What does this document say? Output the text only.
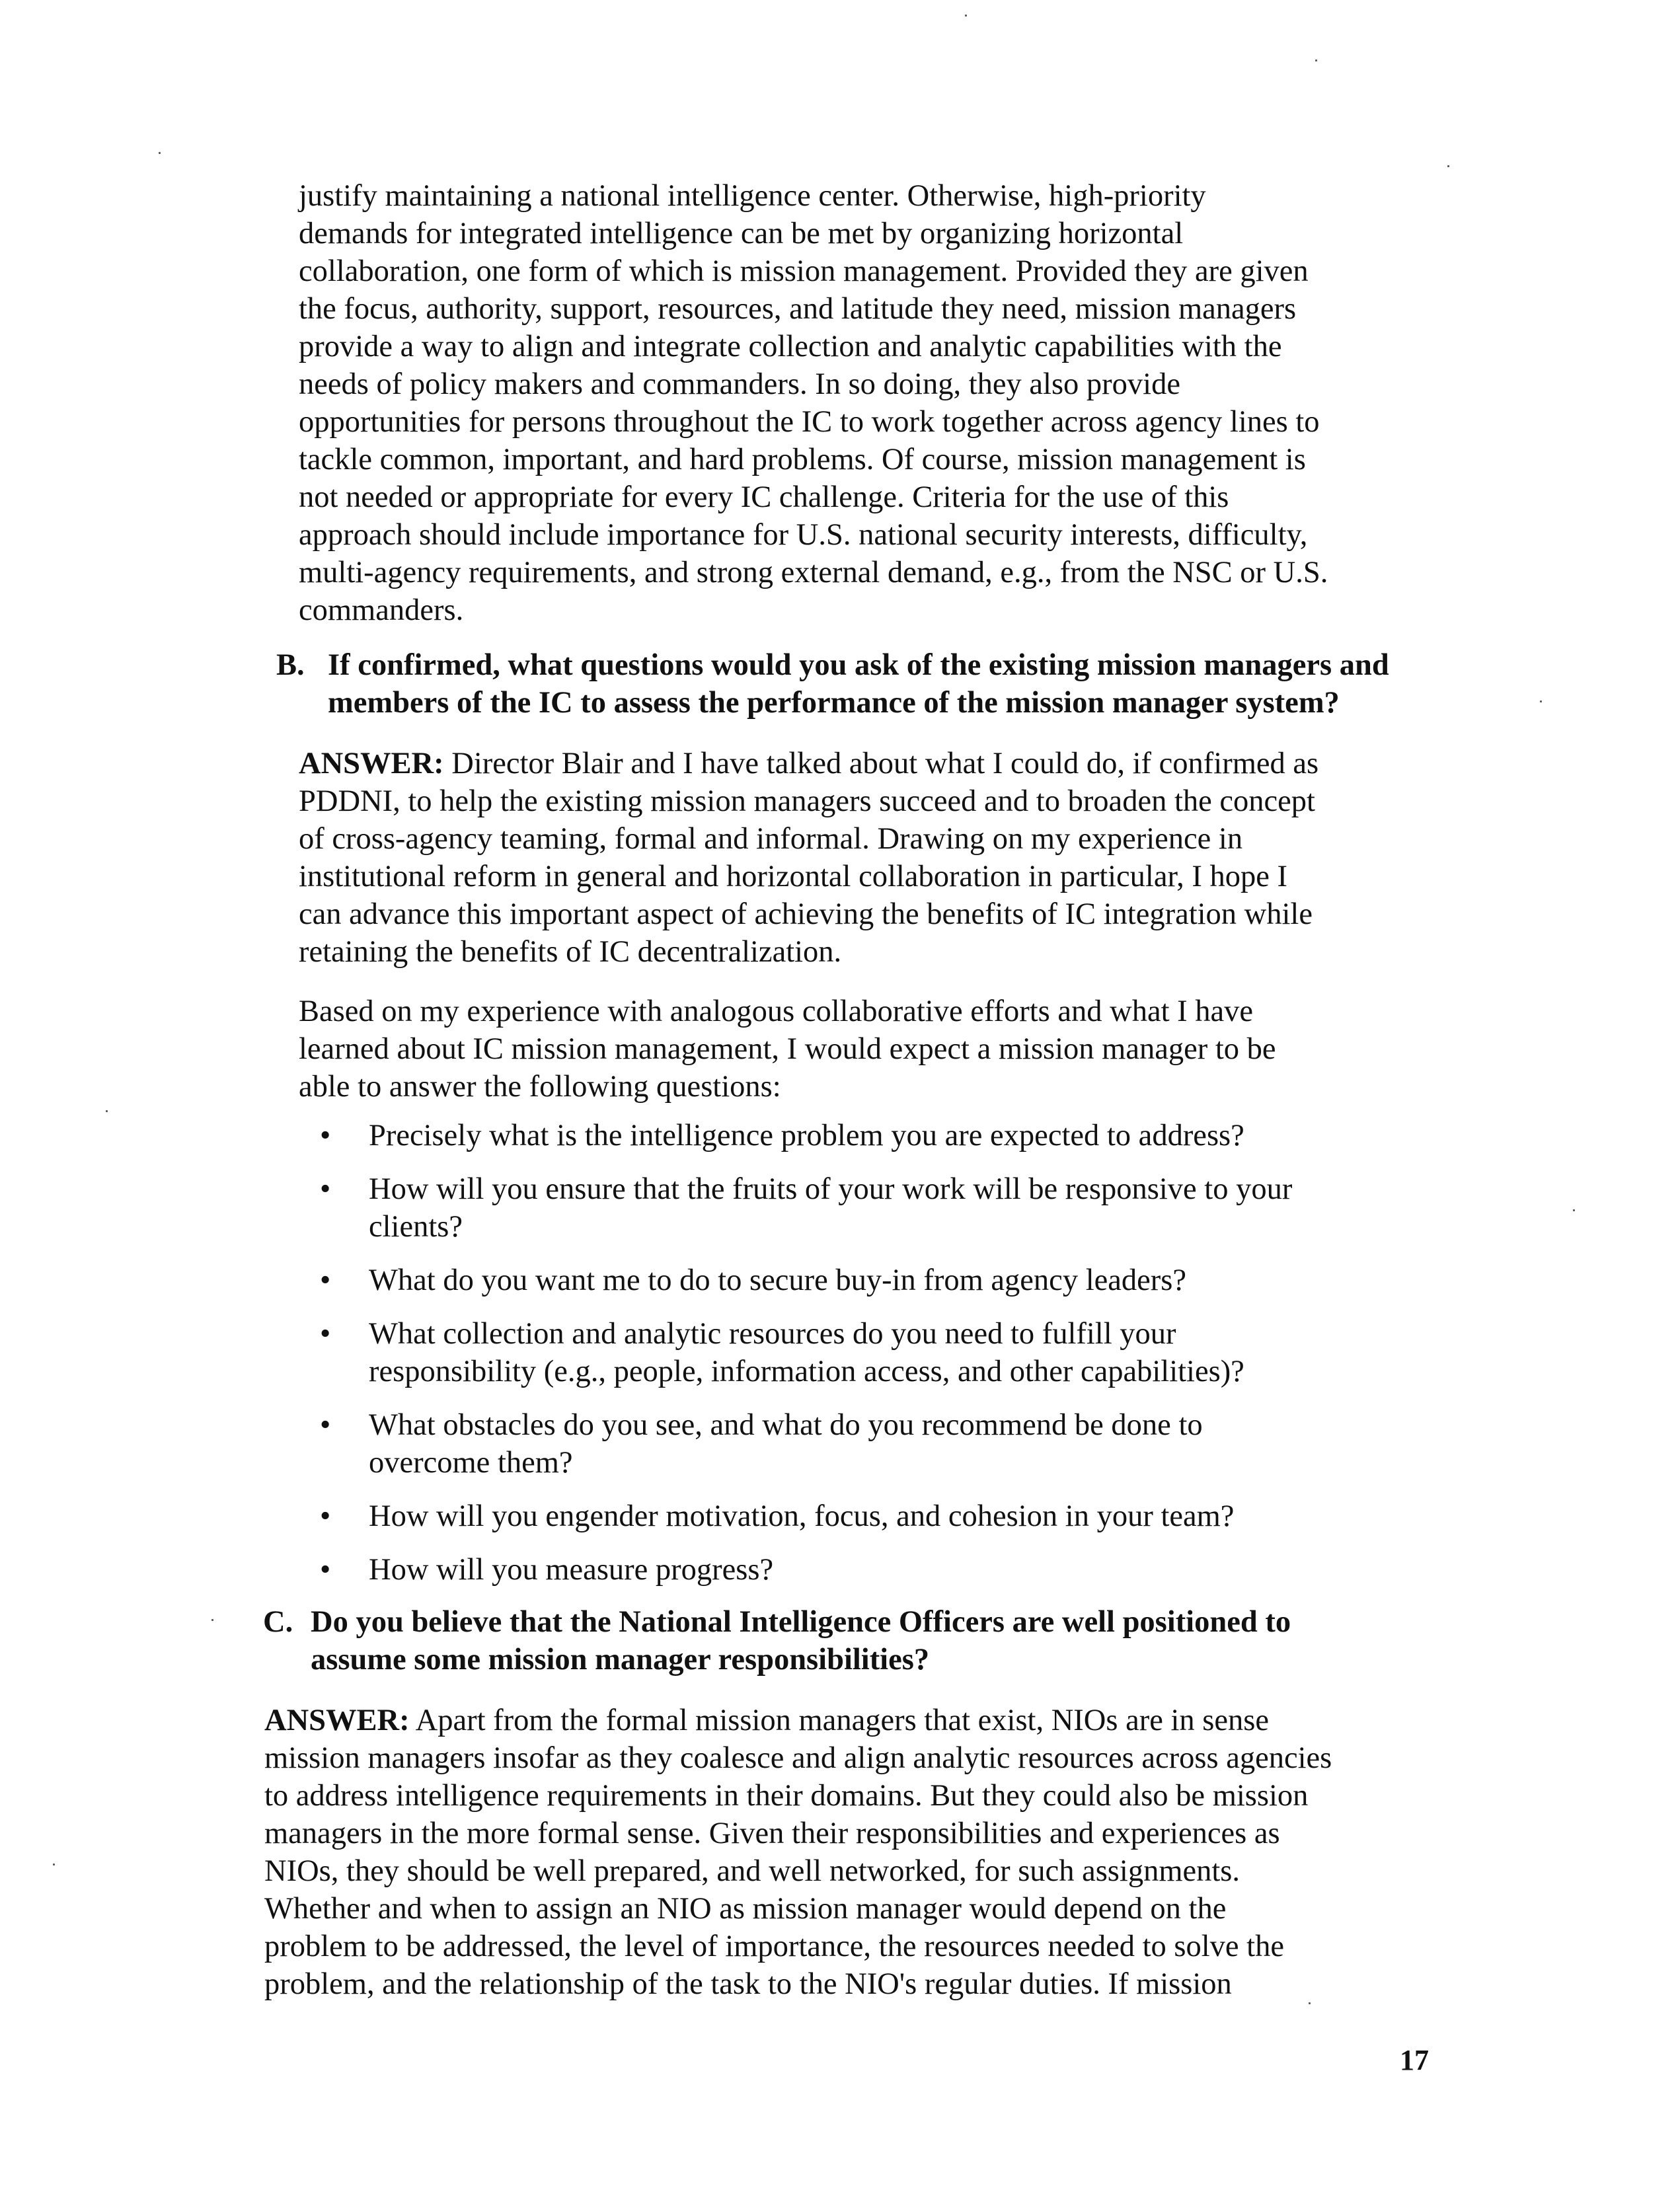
justify maintaining a national intelligence center. Otherwise, high-priority
demands for integrated intelligence can be met by organizing horizontal
collaboration, one form of which is mission management. Provided they are given
the focus, authority, support, resources, and latitude they need, mission managers
provide a way to align and integrate collection and analytic capabilities with the
needs of policy makers and commanders. In so doing, they also provide
opportunities for persons throughout the IC to work together across agency lines to
tackle common, important, and hard problems. Of course, mission management is
not needed or appropriate for every IC challenge. Criteria for the use of this
approach should include importance for U.S. national security interests, difficulty,
multi-agency requirements, and strong external demand, e.g., from the NSC or U.S.
commanders.
B. If confirmed, what questions would you ask of the existing mission managers and
members of the IC to assess the performance of the mission manager system?
ANSWER: Director Blair and I have talked about what I could do, if confirmed as
PDDNI, to help the existing mission managers succeed and to broaden the concept
of cross-agency teaming, formal and informal. Drawing on my experience in
institutional reform in general and horizontal collaboration in particular, I hope I
can advance this important aspect of achieving the benefits of IC integration while
retaining the benefits of IC decentralization.
Based on my experience with analogous collaborative efforts and what I have
learned about IC mission management, I would expect a mission manager to be
able to answer the following questions:
• Precisely what is the intelligence problem you are expected to address?
• How will you ensure that the fruits of your work will be responsive to your
clients?
• What do you want me to do to secure buy-in from agency leaders?
• What collection and analytic resources do you need to fulfill your
responsibility (e.g., people, information access, and other capabilities)?
• What obstacles do you see, and what do you recommend be done to
overcome them?
• How will you engender motivation, focus, and cohesion in your team?
• How will you measure progress?
C. Do you believe that the National Intelligence Officers are well positioned to
assume some mission manager responsibilities?
ANSWER: Apart from the formal mission managers that exist, NIOs are in sense
mission managers insofar as they coalesce and align analytic resources across agencies
to address intelligence requirements in their domains. But they could also be mission
managers in the more formal sense. Given their responsibilities and experiences as
NIOs, they should be well prepared, and well networked, for such assignments.
Whether and when to assign an NIO as mission manager would depend on the
problem to be addressed, the level of importance, the resources needed to solve the
problem, and the relationship of the task to the NIO's regular duties. If mission
17
